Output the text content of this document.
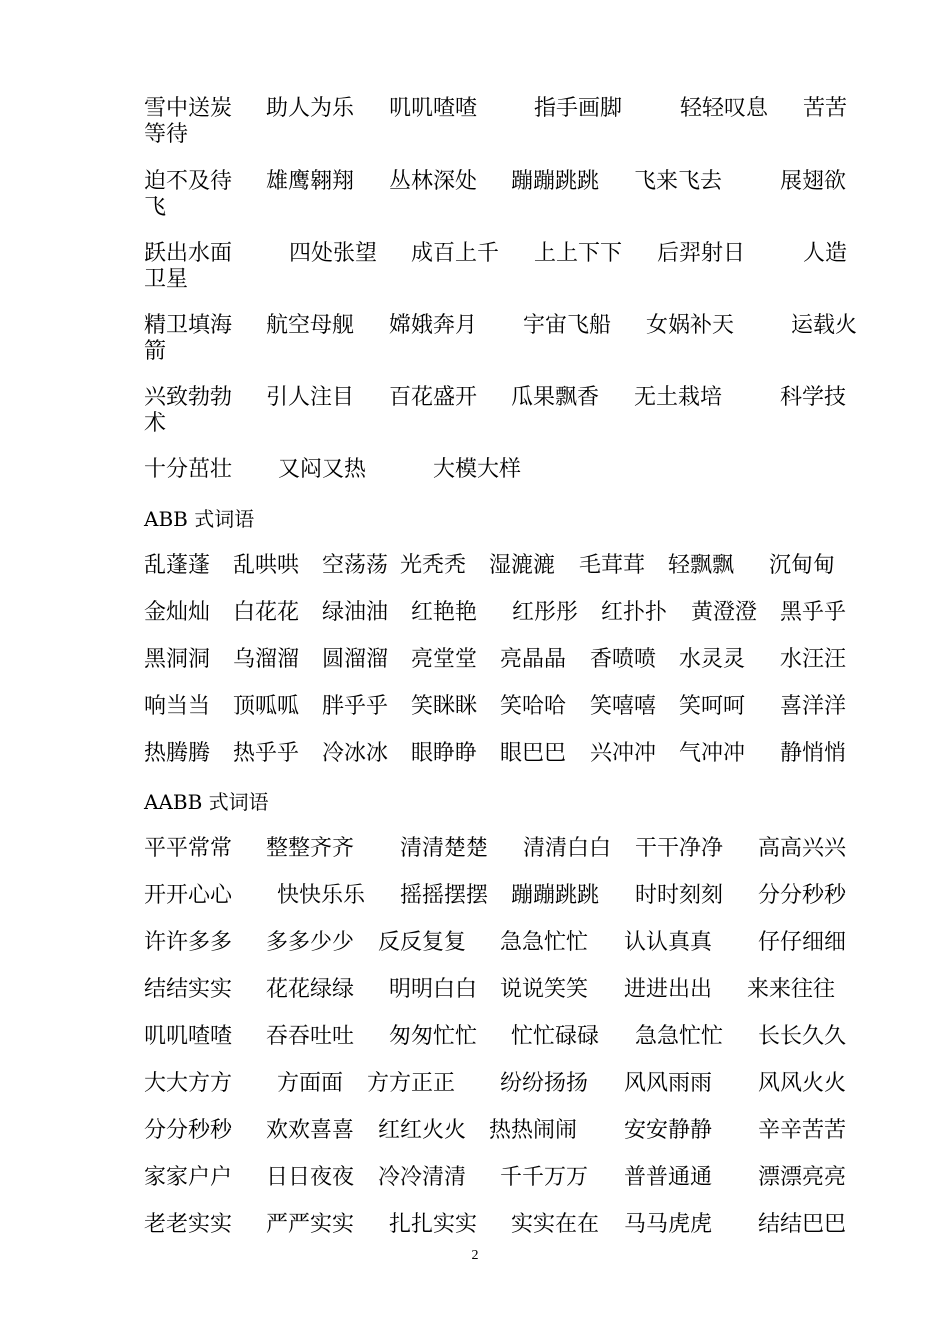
雪中送炭 助人为乐 叽叽喳喳	指手画脚	轻轻叹息 苦苦
等待
迫不及待 雄鹰翱翔 丛林深处 蹦蹦跳跳 飞来飞去	展翅欲
飞
跃出水面	四处张望 成百上千 上上下下 后羿射日	人造
卫星
精卫填海 航空母舰 嫦娥奔月 宇宙飞船 女娲补天	运载火
箭
兴致勃勃 引人注目 百花盛开 瓜果飘香 无土栽培	科学技
术
十分茁壮 又闷又热	大模大样
ABB 式词语
乱蓬蓬 乱哄哄 空荡荡 光秃秃 湿漉漉 毛茸茸 轻飘飘 沉甸甸
金灿灿 白花花 绿油油 红艳艳 红彤彤 红扑扑 黄澄澄 黑乎乎
黑洞洞 乌溜溜 圆溜溜 亮堂堂 亮晶晶 香喷喷 水灵灵 水汪汪
响当当 顶呱呱 胖乎乎 笑眯眯 笑哈哈 笑嘻嘻 笑呵呵 喜洋洋
热腾腾 热乎乎 冷冰冰 眼睁睁 眼巴巴 兴冲冲 气冲冲 静悄悄
AABB 式词语
平平常常 整整齐齐 清清楚楚 清清白白 干干净净 高高兴兴
开开心心 快快乐乐 摇摇摆摆 蹦蹦跳跳 时时刻刻 分分秒秒
许许多多 多多少少 反反复复 急急忙忙 认认真真 仔仔细细
结结实实 花花绿绿 明明白白 说说笑笑 进进出出 来来往往
叽叽喳喳 吞吞吐吐 匆匆忙忙 忙忙碌碌 急急忙忙 长长久久
大大方方 方面面 方方正正 纷纷扬扬 风风雨雨 风风火火
分分秒秒 欢欢喜喜 红红火火 热热闹闹 安安静静 辛辛苦苦
家家户户 日日夜夜 冷冷清清 千千万万 普普通通 漂漂亮亮
老老实实 严严实实 扎扎实实 实实在在 马马虎虎 结结巴巴
2
